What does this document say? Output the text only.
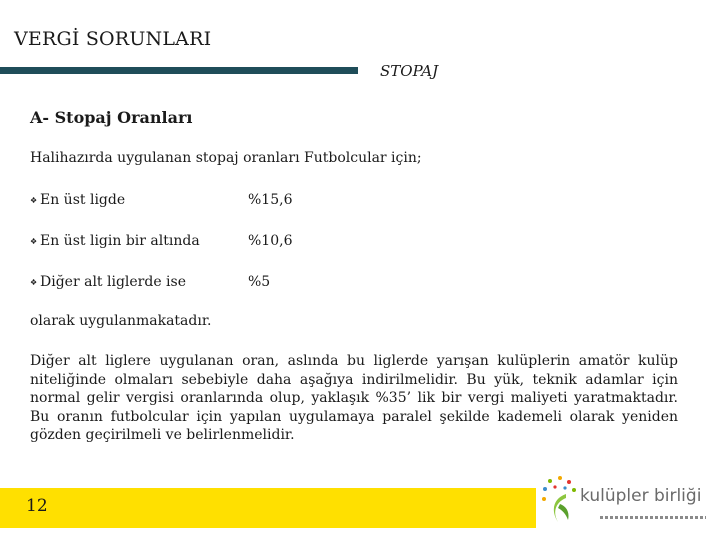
VERGİ SORUNLARI
STOPAJ
A- Stopaj Oranları
Halihazırda uygulanan stopaj oranları Futbolcular için;
❖ En üst ligde	%15,6
❖ En üst ligin bir altında	%10,6
❖ Diğer alt liglerde ise	%5
olarak uygulanmakatadır.
Diğer alt liglere uygulanan oran, aslında bu liglerde yarışan kulüplerin amatör kulüp niteliğinde olmaları sebebiyle daha aşağıya indirilmelidir. Bu yük, teknik adamlar için normal gelir vergisi oranlarında olup, yaklaşık %35’ lik bir vergi maliyeti yaratmaktadır. Bu oranın futbolcular için yapılan uygulamaya paralel şekilde kademeli olarak yeniden gözden geçirilmeli ve belirlenmelidir.
12	kulüpler birliği
